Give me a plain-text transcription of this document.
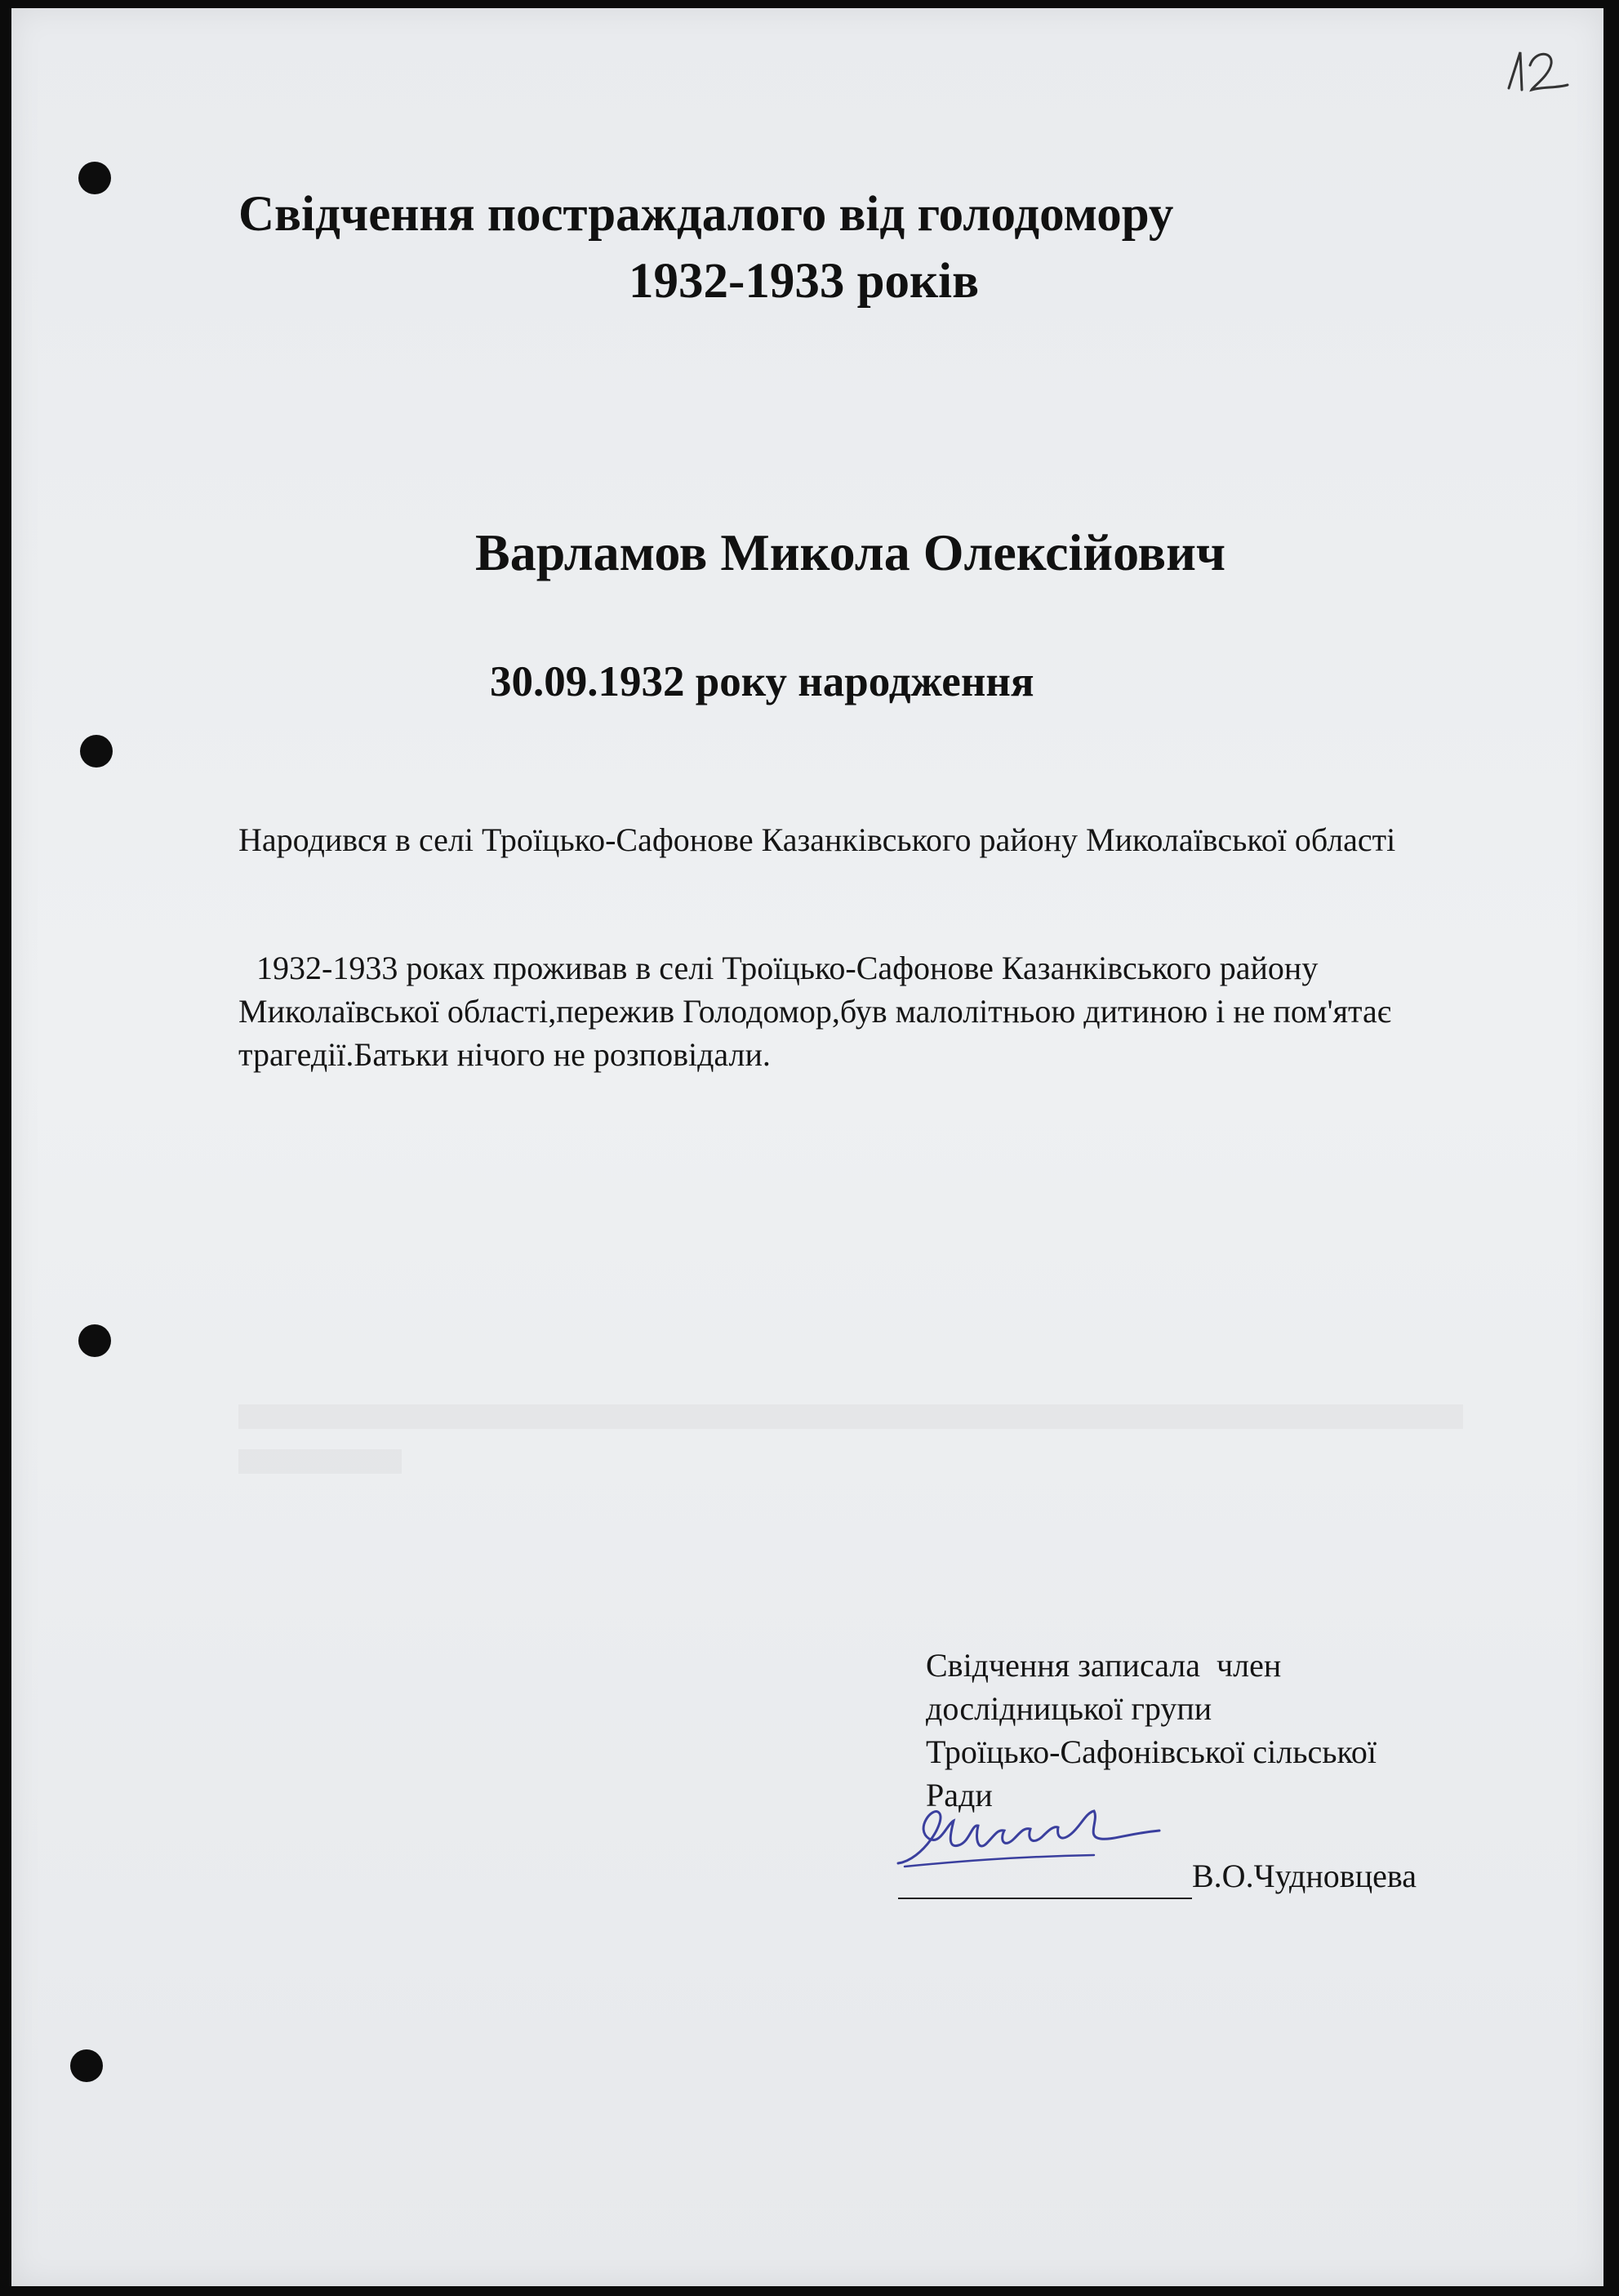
Свідчення постраждалого від голодомору
1932-1933 років
Варламов Микола Олексійович
30.09.1932 року народження
Народився в селі Троїцько-Сафонове Казанківського району Миколаївської області
1932-1933 роках проживав в селі Троїцько-Сафонове Казанківського району Миколаївської області,пережив Голодомор,був малолітньою дитиною і не пом'ятає трагедії.Батьки нічого не розповідали.
Свідчення записала  член
дослідницької групи
Троїцько-Сафонівської сільської
Ради
В.О.Чудновцева
